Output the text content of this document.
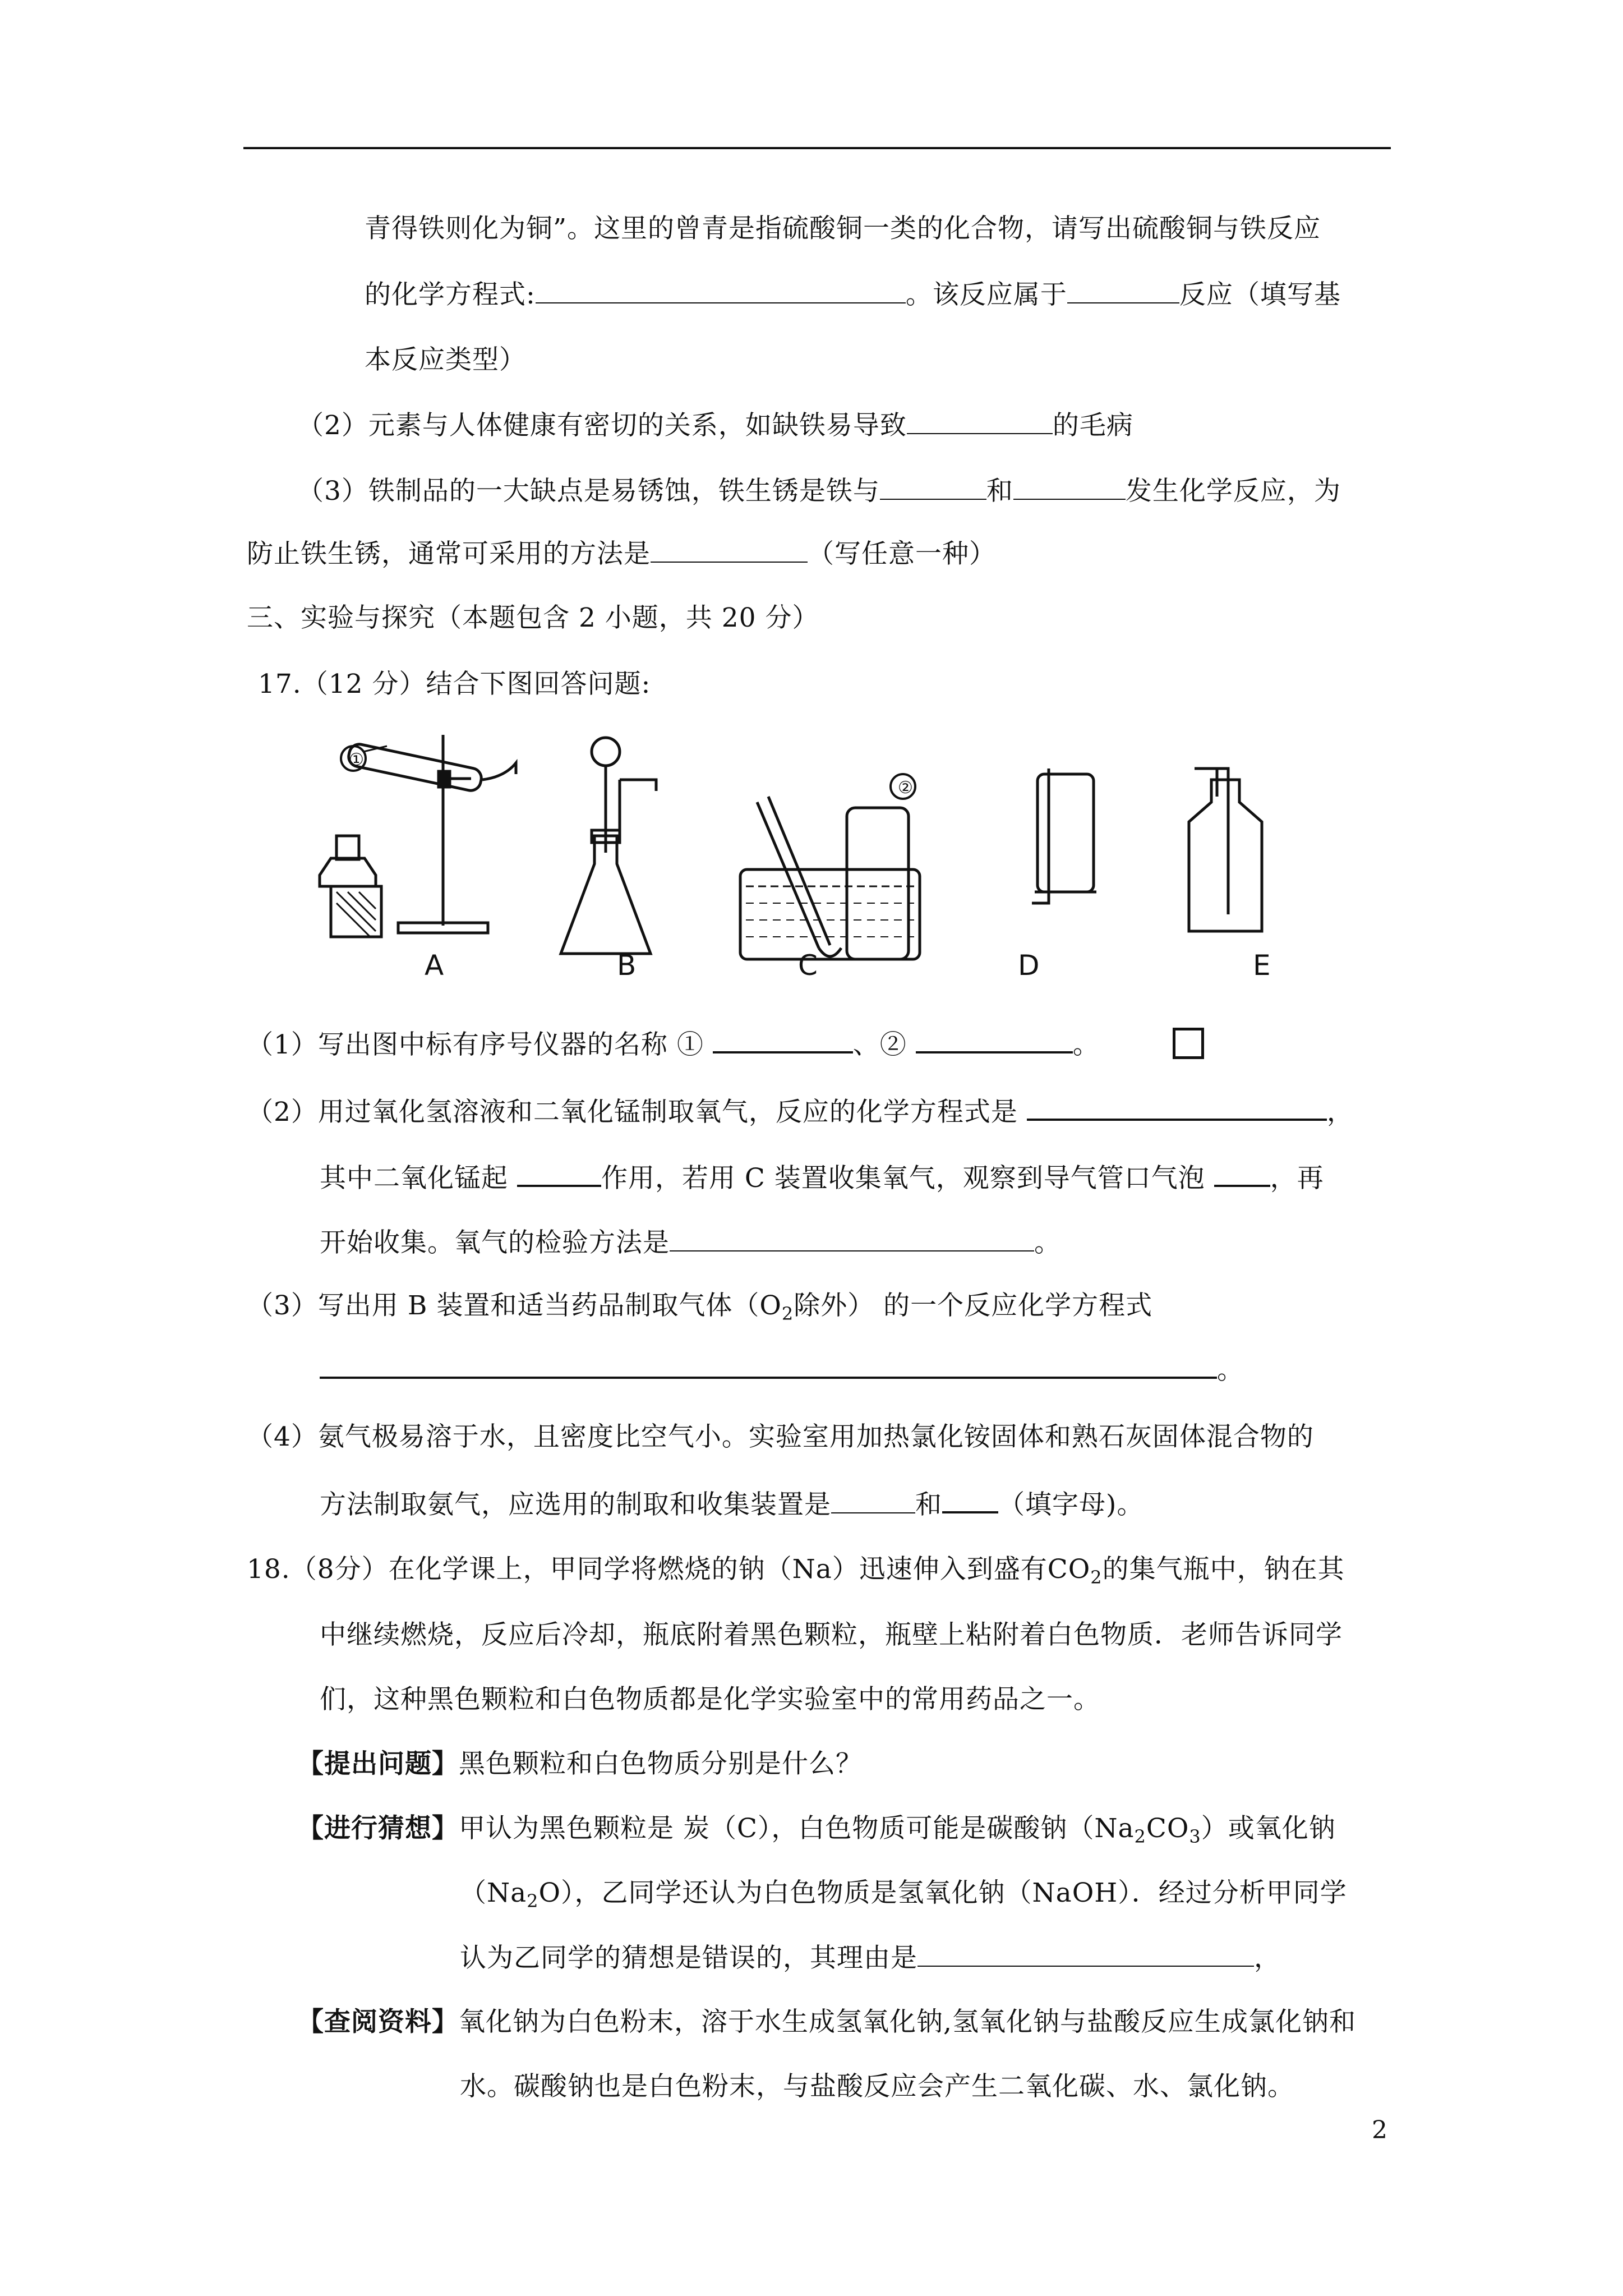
青得铁则化为铜”。这里的曾青是指硫酸铜一类的化合物，请写出硫酸铜与铁反应
的化学方程式:	。该反应属于	反应（填写基
本反应类型）
（2）元素与人体健康有密切的关系，如缺铁易导致	的毛病
（3）铁制品的一大缺点是易锈蚀，铁生锈是铁与	和	发生化学反应，为
防止铁生锈，通常可采用的方法是	（写任意一种）
三、实验与探究（本题包含 2 小题，共 20 分）
17.（12 分）结合下图回答问题:
①
②
A	B	C	D	E
（1）写出图中标有序号仪器的名称 ①	、②	。
（2）用过氧化氢溶液和二氧化锰制取氧气，反应的化学方程式是	，
其中二氧化锰起	作用，若用 C 装置收集氧气，观察到导气管口气泡 ，再
开始收集。氧气的检验方法是	。
（3）写出用 B 装置和适当药品制取气体（$O_2$除外） 的一个反应化学方程式
。
（4）氨气极易溶于水，且密度比空气小。实验室用加热氯化铵固体和熟石灰固体混合物的
方法制取氨气，应选用的制取和收集装置是	和 （填字母)。
18.（8分）在化学课上，甲同学将燃烧的钠（Na）迅速伸入到盛有$CO_2$的集气瓶中，钠在其
中继续燃烧，反应后冷却，瓶底附着黑色颗粒，瓶壁上粘附着白色物质．老师告诉同学
们，这种黑色颗粒和白色物质都是化学实验室中的常用药品之一。
【提出问题】黑色颗粒和白色物质分别是什么？
【进行猜想】甲认为黑色颗粒是 炭（C），白色物质可能是碳酸钠$(Na_2CO_3)$或氧化钠
$(Na_2O)$，乙同学还认为白色物质是氢氧化钠（NaOH）．经过分析甲同学
认为乙同学的猜想是错误的，其理由是	，
【查阅资料】氧化钠为白色粉末，溶于水生成氢氧化钠,氢氧化钠与盐酸反应生成氯化钠和
水。碳酸钠也是白色粉末，与盐酸反应会产生二氧化碳、水、氯化钠。
2
